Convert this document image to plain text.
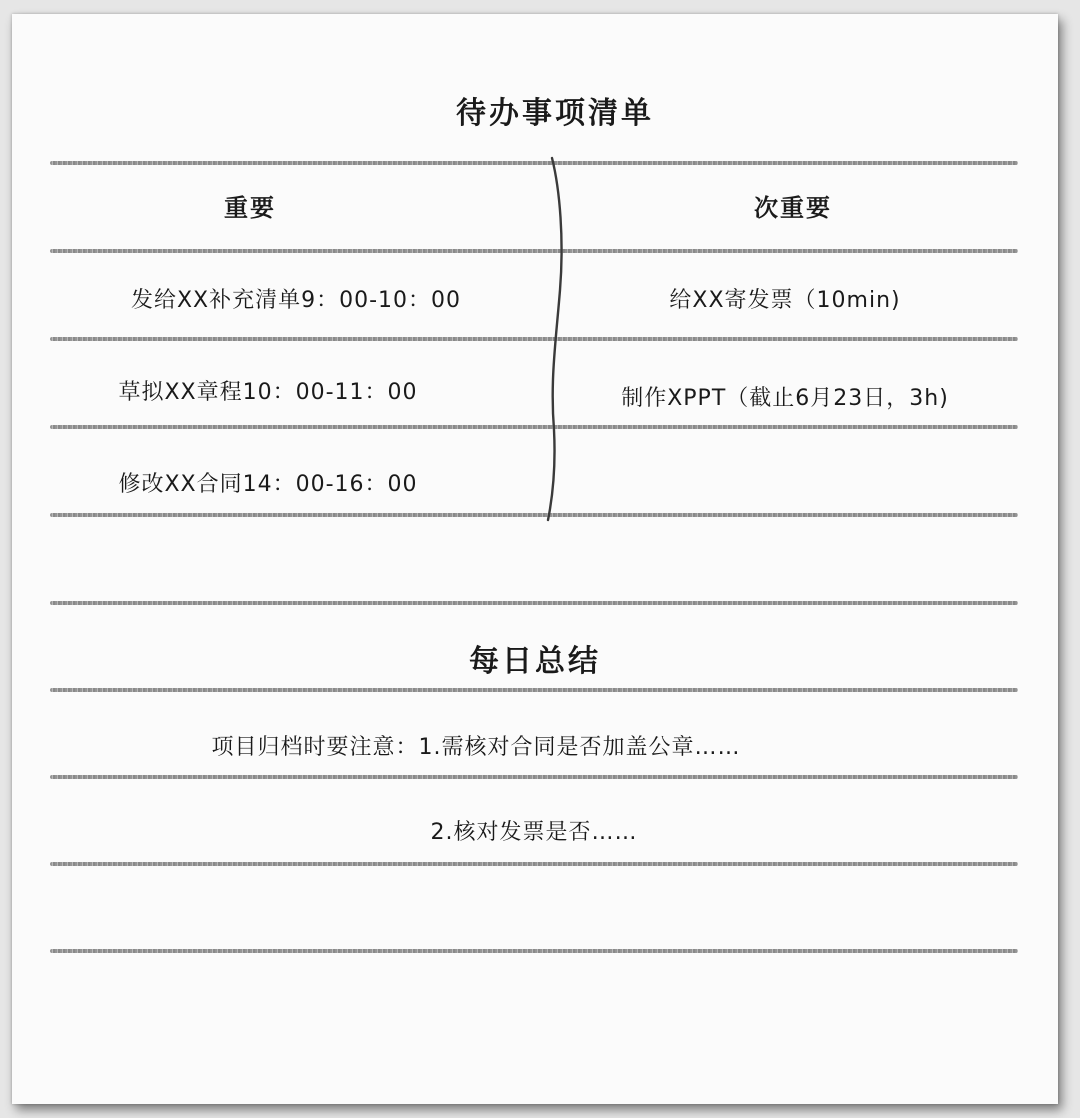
待办事项清单
重要	次重要
发给XX补充清单9：00-10：00
草拟XX章程10：00-11：00
修改XX合同14：00-16：00
给XX寄发票（10min)
制作XPPT（截止6月23日，3h)
每日总结
项目归档时要注意：1.需核对合同是否加盖公章……
2.核对发票是否……
